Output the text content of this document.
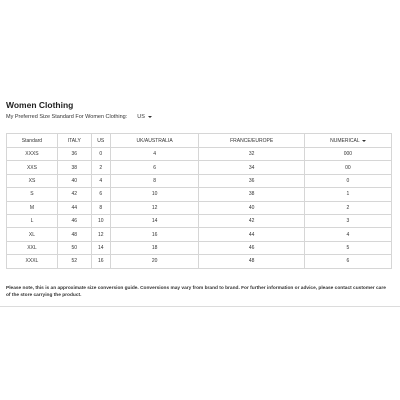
Women Clothing
My Preferred Size Standard For Women Clothing: US
Standard	ITALY	US	UK/AUSTRALIA	FRANCE/EUROPE	NUMERICAL

XXXS	36	0	4	32	000
XXS	38	2	6	34	00
XS	40	4	8	36	0
S	42	6	10	38	1
M	44	8	12	40	2
L	46	10	14	42	3
XL	48	12	16	44	4
XXL	50	14	18	46	5
XXXL	52	16	20	48	6
Please note, this is an approximate size conversion guide. Conversions may vary from brand to brand. For further information or advice, please contact customer care of the store carrying the product.
